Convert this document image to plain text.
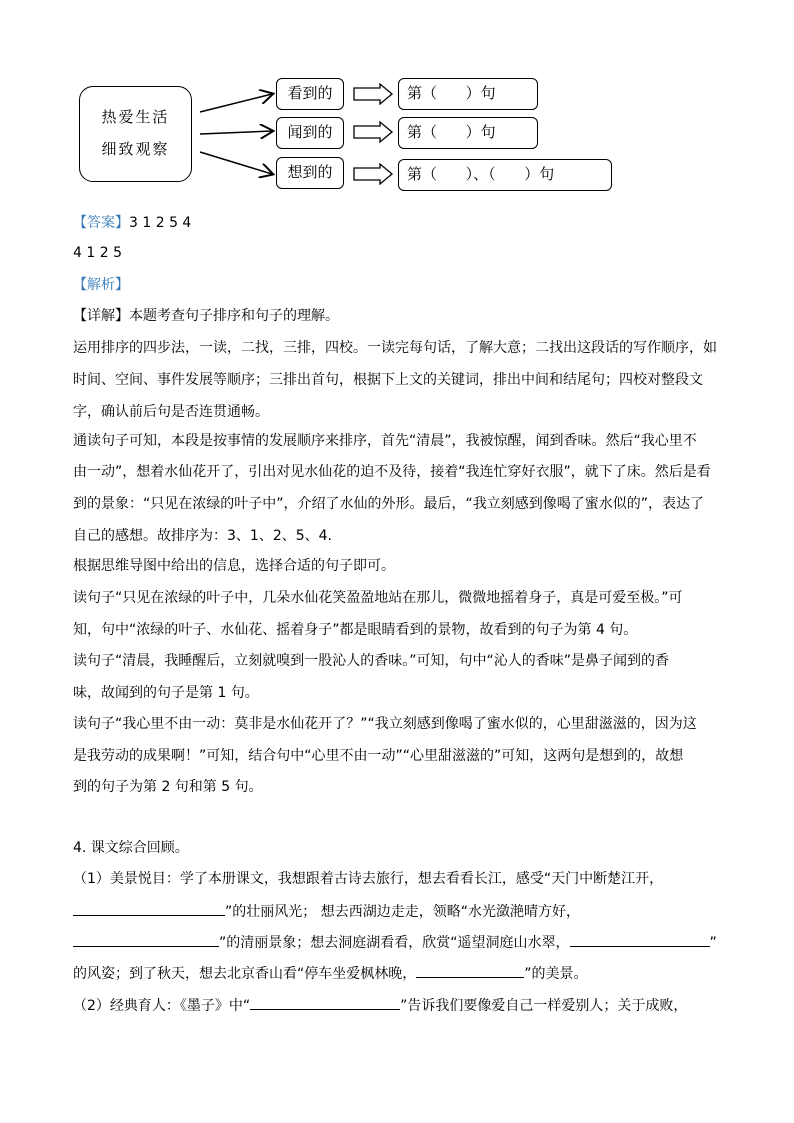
热爱生活
细致观察
看到的
闻到的
想到的
第（      ）句
第（      ）句
第（      ）、（      ）句
【答案】3 1 2 5 4
4 1 2 5
【解析】
【详解】本题考查句子排序和句子的理解。
运用排序的四步法，一读，二找，三排，四校。一读完每句话，了解大意；二找出这段话的写作顺序，如
时间、空间、事件发展等顺序；三排出首句，根据下上文的关键词，排出中间和结尾句；四校对整段文
字，确认前后句是否连贯通畅。
通读句子可知，本段是按事情的发展顺序来排序，首先“清晨”，我被惊醒，闻到香味。然后“我心里不
由一动”，想着水仙花开了，引出对见水仙花的迫不及待，接着“我连忙穿好衣服”，就下了床。然后是看
到的景象：“只见在浓绿的叶子中”，介绍了水仙的外形。最后，“我立刻感到像喝了蜜水似的”，表达了
自己的感想。故排序为：3、1、2、5、4.
根据思维导图中给出的信息，选择合适的句子即可。
读句子“只见在浓绿的叶子中，几朵水仙花笑盈盈地站在那儿，微微地摇着身子，真是可爱至极。”可
知，句中“浓绿的叶子、水仙花、摇着身子”都是眼睛看到的景物，故看到的句子为第 4 句。
读句子“清晨，我睡醒后，立刻就嗅到一股沁人的香味。”可知，句中“沁人的香味”是鼻子闻到的香
味，故闻到的句子是第 1 句。
读句子“我心里不由一动：莫非是水仙花开了？”“我立刻感到像喝了蜜水似的，心里甜滋滋的，因为这
是我劳动的成果啊！”可知，结合句中“心里不由一动”“心里甜滋滋的”可知，这两句是想到的，故想
到的句子为第 2 句和第 5 句。
4. 课文综合回顾。
（1）美景悦目：学了本册课文，我想跟着古诗去旅行，想去看看长江，感受“天门中断楚江开，
”的壮丽风光； 想去西湖边走走，领略“水光潋滟晴方好，
”的清丽景象；想去洞庭湖看看，欣赏“遥望洞庭山水翠，	”
的风姿；到了秋天，想去北京香山看“停车坐爱枫林晚，	”的美景。
（2）经典育人：《墨子》中“	”告诉我们要像爱自己一样爱别人；关于成败，
